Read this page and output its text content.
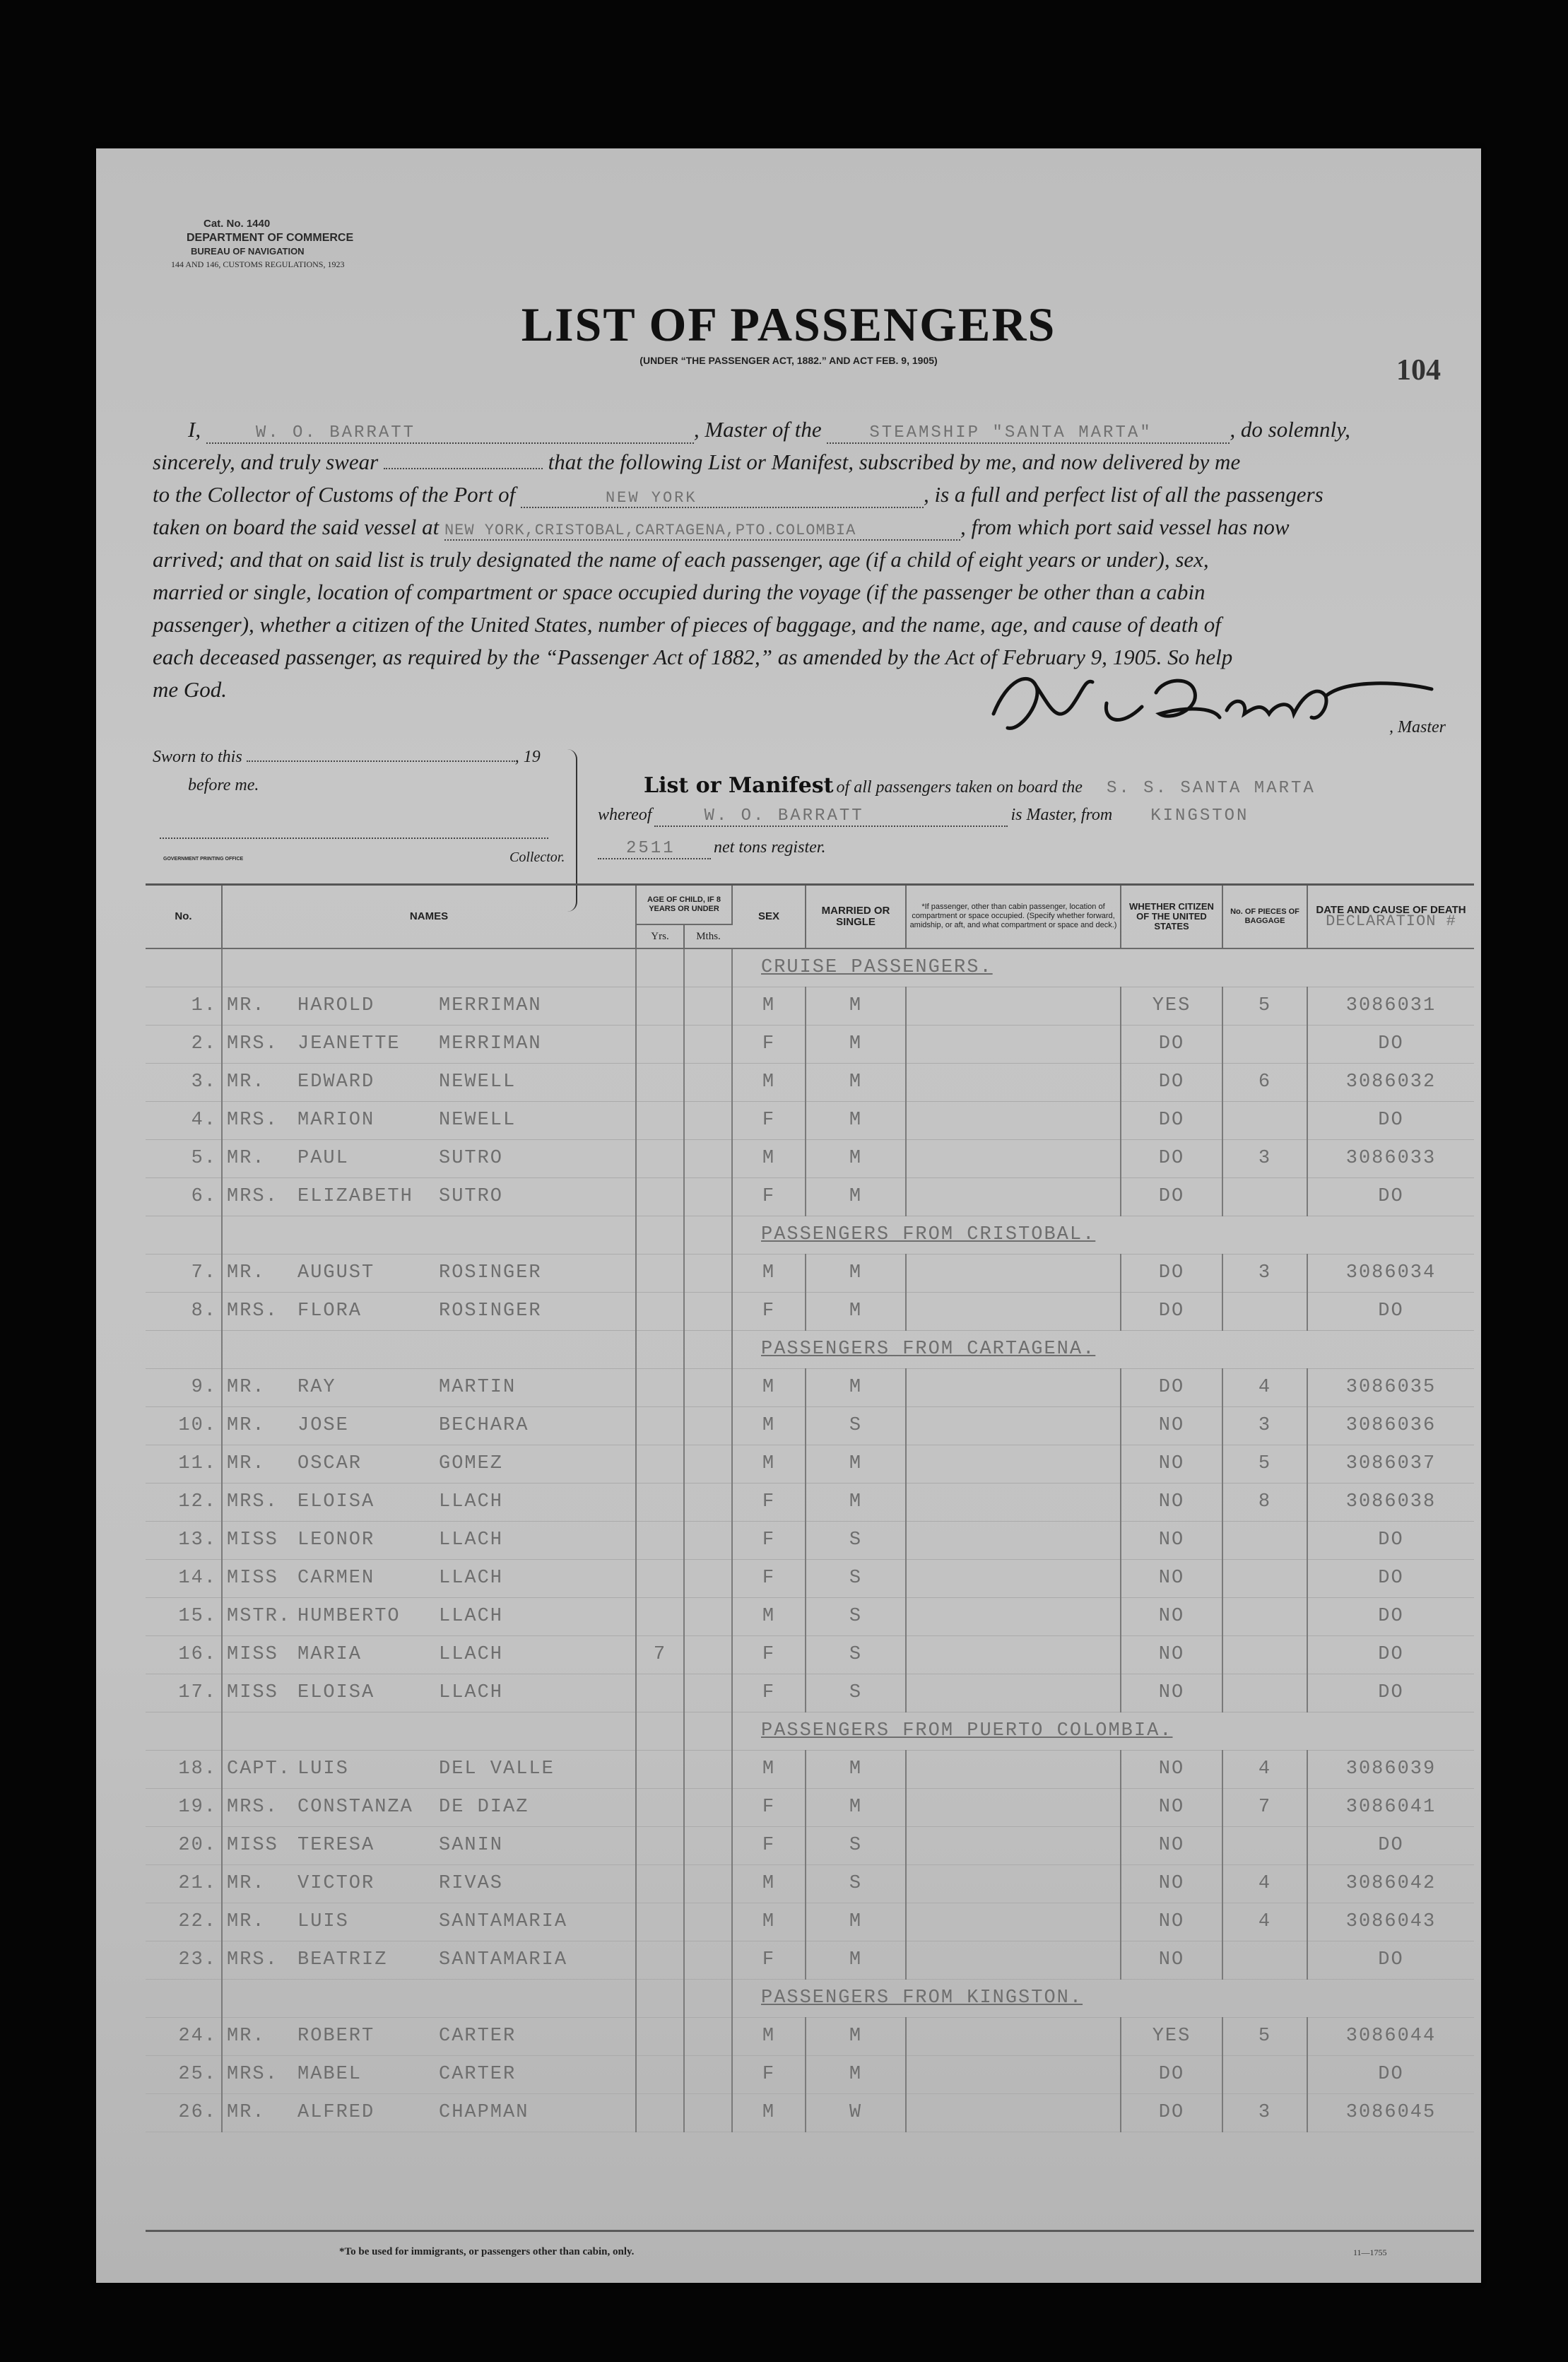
Cat. No. 1440
DEPARTMENT OF COMMERCE
BUREAU OF NAVIGATION
144 AND 146, CUSTOMS REGULATIONS, 1923
LIST OF PASSENGERS
(UNDER “THE PASSENGER ACT, 1882.” AND ACT FEB. 9, 1905)	104
I,	W. O. BARRATT	, Master of the	STEAMSHIP "SANTA MARTA"	, do solemnly,
sincerely, and truly swear	that the following List or Manifest, subscribed by me, and now delivered by me
to the Collector of Customs of the Port of	NEW YORK	, is a full and perfect list of all the passengers
taken on board the said vessel at NEW YORK,CRISTOBAL,CARTAGENA,PTO.COLOMBIA	, from which port said vessel has now
arrived; and that on said list is truly designated the name of each passenger, age (if a child of eight years or under), sex,
married or single, location of compartment or space occupied during the voyage (if the passenger be other than a cabin
passenger), whether a citizen of the United States, number of pieces of baggage, and the name, age, and cause of death of
each deceased passenger, as required by the “Passenger Act of 1882,” as amended by the Act of February 9, 1905. So help
me God.
, Master
Sworn to this	, 19
before me.
GOVERNMENT PRINTING OFFICE	Collector.
List or Manifest of all passengers taken on board the S. S. SANTA MARTA
whereof	W. O. BARRATT	is Master, from KINGSTON
2511 net tons register.
No.	NAMES	AGE OF CHILD, IF 8 YEARS OR UNDER		SEX	MARRIED OR SINGLE	*If passenger, other than cabin passenger, location of compartment or space occupied. (Specify whether forward, amidship, or aft, and what compartment or space and deck.)	WHETHER CITIZEN OF THE UNITED STATES	No. OF PIECES OF BAGGAGE	DATE AND CAUSE OF DEATH
DECLARATION #
		Yrs.	Mths.						
				CRUISE PASSENGERS.					
1.	MR. HAROLD MERRIMAN			M	M		YES	5	3086031
2.	MRS. JEANETTE MERRIMAN			F	M		DO		DO
3.	MR. EDWARD NEWELL			M	M		DO	6	3086032
4.	MRS. MARION NEWELL			F	M		DO		DO
5.	MR. PAUL SUTRO			M	M		DO	3	3086033
6.	MRS. ELIZABETH SUTRO			F	M		DO		DO
				PASSENGERS FROM CRISTOBAL.					
7.	MR. AUGUST ROSINGER			M	M		DO	3	3086034
8.	MRS. FLORA ROSINGER			F	M		DO		DO
				PASSENGERS FROM CARTAGENA.					
9.	MR. RAY MARTIN			M	M		DO	4	3086035
10.	MR. JOSE BECHARA			M	S		NO	3	3086036
11.	MR. OSCAR GOMEZ			M	M		NO	5	3086037
12.	MRS. ELOISA LLACH			F	M		NO	8	3086038
13.	MISS LEONOR LLACH			F	S		NO		DO
14.	MISS CARMEN LLACH			F	S		NO		DO
15.	MSTR. HUMBERTO LLACH			M	S		NO		DO
16.	MISS MARIA LLACH	7		F	S		NO		DO
17.	MISS ELOISA LLACH			F	S		NO		DO
				PASSENGERS FROM PUERTO COLOMBIA.					
18.	CAPT. LUIS DEL VALLE			M	M		NO	4	3086039
19.	MRS. CONSTANZA DE DIAZ			F	M		NO	7	3086041
20.	MISS TERESA SANIN			F	S		NO		DO
21.	MR. VICTOR RIVAS			M	S		NO	4	3086042
22.	MR. LUIS SANTAMARIA			M	M		NO	4	3086043
23.	MRS. BEATRIZ SANTAMARIA			F	M		NO		DO
				PASSENGERS FROM KINGSTON.					
24.	MR. ROBERT CARTER			M	M		YES	5	3086044
25.	MRS. MABEL CARTER			F	M		DO		DO
26.	MR. ALFRED CHAPMAN			M	W		DO	3	3086045
*To be used for immigrants, or passengers other than cabin, only.	11—1755
